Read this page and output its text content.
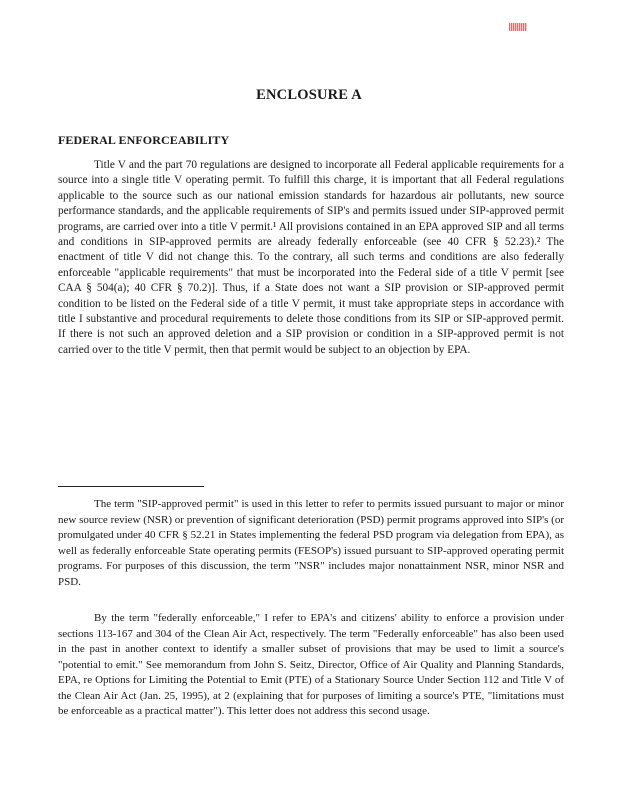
ENCLOSURE A
FEDERAL ENFORCEABILITY

Title V and the part 70 regulations are designed to incorporate all Federal applicable requirements for a source into a single title V operating permit. To fulfill this charge, it is important that all Federal regulations applicable to the source such as our national emission standards for hazardous air pollutants, new source performance standards, and the applicable requirements of SIP's and permits issued under SIP-approved permit programs, are carried over into a title V permit.¹ All provisions contained in an EPA approved SIP and all terms and conditions in SIP-approved permits are already federally enforceable (see 40 CFR § 52.23).² The enactment of title V did not change this. To the contrary, all such terms and conditions are also federally enforceable "applicable requirements" that must be incorporated into the Federal side of a title V permit [see CAA § 504(a); 40 CFR § 70.2)]. Thus, if a State does not want a SIP provision or SIP-approved permit condition to be listed on the Federal side of a title V permit, it must take appropriate steps in accordance with title I substantive and procedural requirements to delete those conditions from its SIP or SIP-approved permit. If there is not such an approved deletion and a SIP provision or condition in a SIP-approved permit is not carried over to the title V permit, then that permit would be subject to an objection by EPA.

The term "SIP-approved permit" is used in this letter to refer to permits issued pursuant to major or minor new source review (NSR) or prevention of significant deterioration (PSD) permit programs approved into SIP's (or promulgated under 40 CFR § 52.21 in States implementing the federal PSD program via delegation from EPA), as well as federally enforceable State operating permits (FESOP's) issued pursuant to SIP-approved operating permit programs. For purposes of this discussion, the term "NSR" includes major nonattainment NSR, minor NSR and PSD.

By the term "federally enforceable," I refer to EPA's and citizens' ability to enforce a provision under sections 113-167 and 304 of the Clean Air Act, respectively. The term "Federally enforceable" has also been used in the past in another context to identify a smaller subset of provisions that may be used to limit a source's "potential to emit." See memorandum from John S. Seitz, Director, Office of Air Quality and Planning Standards, EPA, re Options for Limiting the Potential to Emit (PTE) of a Stationary Source Under Section 112 and Title V of the Clean Air Act (Jan. 25, 1995), at 2 (explaining that for purposes of limiting a source's PTE, "limitations must be enforceable as a practical matter"). This letter does not address this second usage.
